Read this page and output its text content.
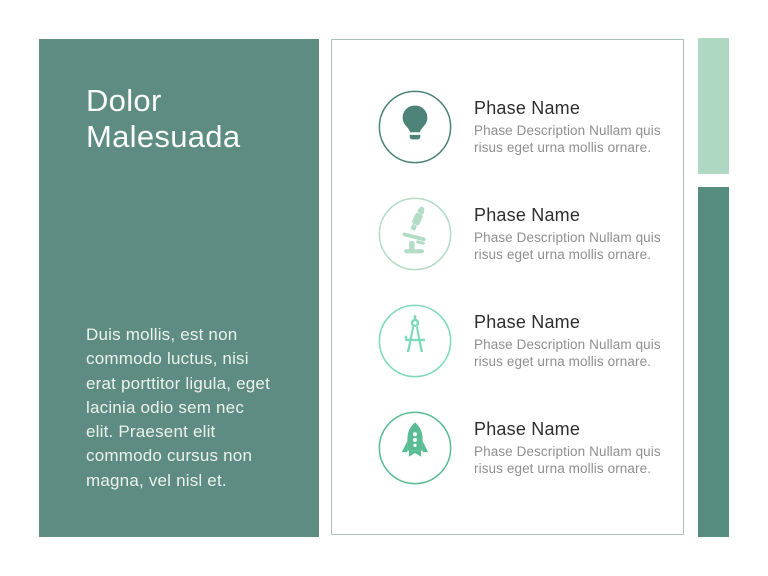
Dolor Malesuada
Duis mollis, est non commodo luctus, nisi erat porttitor ligula, eget lacinia odio sem nec elit. Praesent elit commodo cursus non magna, vel nisl et.

Phase Name

Phase Description Nullam quis risus eget urna mollis ornare.

Phase Name

Phase Description Nullam quis risus eget urna mollis ornare.

Phase Name

Phase Description Nullam quis risus eget urna mollis ornare.

Phase Name

Phase Description Nullam quis risus eget urna mollis ornare.
